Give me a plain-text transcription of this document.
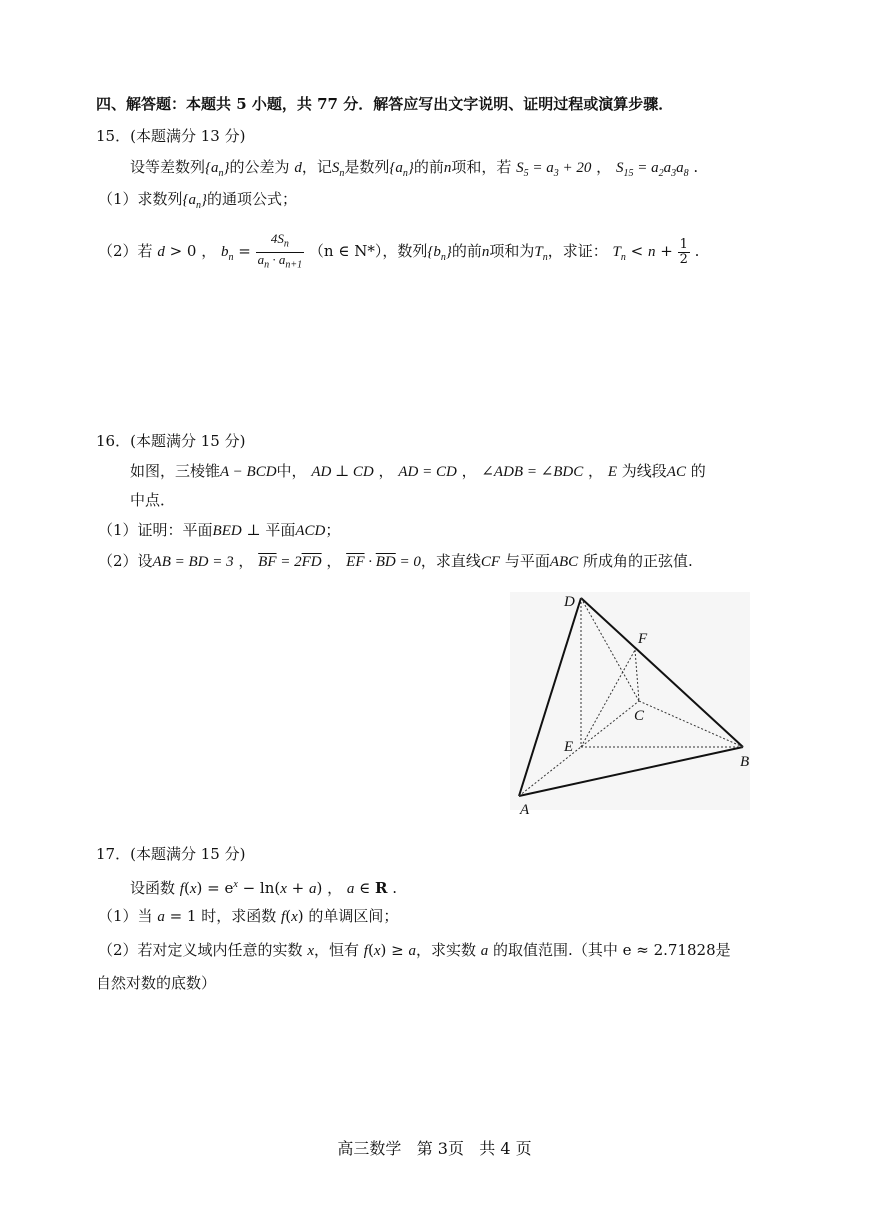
四、解答题：本题共 5 小题，共 77 分．解答应写出文字说明、证明过程或演算步骤．
15．(本题满分 13 分)
设等差数列$\{a_n\}$的公差为 d，记$S_n$是数列$\{a_n\}$的前n项和，若 $S_5 = a_3 + 20$ ， $S_{15} = a_2a_3a_8$ .
（1）求数列$\{a_n\}$的通项公式；
（2）若 d > 0 ， $b_n = \frac{4S_n}{a_n \cdot a_{n+1}} (n$ ∈ N*），数列$\{b_n\}$的前n项和为$T_n$，求证： $T_n < n + \frac{1}{2}$ .
16．(本题满分 15 分)
如图，三棱锥A − BCD中， AD ⊥ CD ， AD = CD ， ∠ADB = ∠BDC ， E 为线段AC 的
中点．
（1）证明：平面BED ⊥ 平面ACD；
（2）设AB = BD = 3 ， $\overline{BF} = 2\overline{FD}$ ， $\overline{EF} \cdot \overline{BD} = 0$，求直线CF 与平面ABC 所成角的正弦值.
D
F
C
E
B
A
17．(本题满分 15 分)
设函数 $f(x) = e^x - \ln(x + a)$ ， a ∈ R .
（1）当 a = 1 时，求函数 f(x) 的单调区间；
（2）若对定义域内任意的实数 x，恒有 f(x) ≥ a，求实数 a 的取值范围.（其中 e ≈ 2.71828是
自然对数的底数）
高三数学 第 3页 共 4 页
